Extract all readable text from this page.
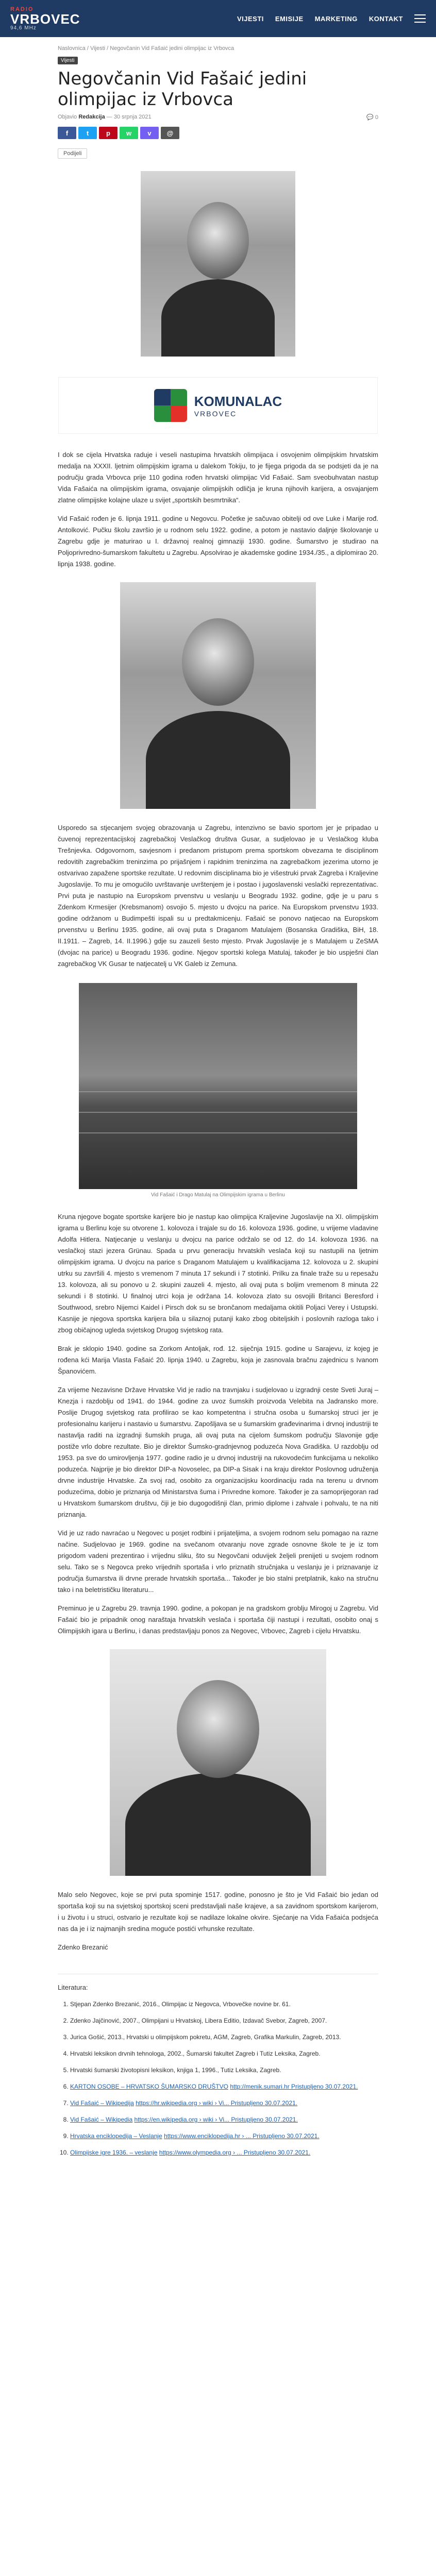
RADIO
VRBOVEC
94,6 MHz
VIJESTI EMISIJE MARKETING KONTAKT
Naslovnica / Vijesti / Negovčanin Vid Fašaić jedini olimpijac iz Vrbovca
Vijesti
Negovčanin Vid Fašaić jedini olimpijac iz Vrbovca
Objavio Redakcija — 30 srpnja 2021	💬 0
f	t	p	w	v	@
Podijeli
KOMUNALAC
VRBOVEC

I dok se cijela Hrvatska raduje i veseli nastupima hrvatskih olimpijaca i osvojenim olimpijskim hrvatskim medalja na XXXII. ljetnim olimpijskim igrama u dalekom Tokiju, to je fijega prigoda da se podsjeti da je na području grada Vrbovca prije 110 godina rođen hrvatski olimpijac Vid Fašaić. Sam sveobuhvatan nastup Vida Fašaića na olimpijskim igrama, osvajanje olimpijskih odličja je kruna njihovih karijera, a osvajanjem zlatne olimpijske kolajne ulaze u svijet „sportskih besmrtnika“.

Vid Fašaić rođen je 6. lipnja 1911. godine u Negovcu. Početke je sačuvao obitelji od ove Luke i Marije rođ. Antolković. Pučku školu završio je u rodnom selu 1922. godine, a potom je nastavio daljnje školovanje u Zagrebu gdje je maturirao u I. državnoj realnoj gimnaziji 1930. godine. Šumarstvo je studirao na Poljoprivredno-šumarskom fakultetu u Zagrebu. Apsolvirao je akademske godine 1934./35., a diplomirao 20. lipnja 1938. godine.

Usporedo sa stjecanjem svojeg obrazovanja u Zagrebu, intenzivno se bavio sportom jer je pripadao u čuvenoj reprezentacijskoj zagrebačkoj Veslačkog društva Gusar, a sudjelovao je u Veslačkog kluba Trešnjevka. Odgovornom, savjesnom i predanom pristupom prema sportskom obvezama te disciplinom redovitih zagrebačkim treninzima po prijašnjem i rapidnim treninzima na zagrebačkom jezerima utorno je ostvarivao zapažene sportske rezultate. U redovnim disciplinama bio je višestruki prvak Zagreba i Kraljevine Jugoslavije. To mu je omogućilo uvrštavanje uvrštenjem je i postao i jugoslavenski veslački reprezentativac. Prvi puta je nastupio na Europskom prvenstvu u veslanju u Beogradu 1932. godine, gdje je u paru s Zdenkom Krmesijer (Krebsmanom) osvojio 5. mjesto u dvojcu na parice. Na Europskom prvenstvu 1933. godine održanom u Budimpešti ispali su u predtakmicenju. Fašaić se ponovo natjecao na Europskom prvenstvu u Berlinu 1935. godine, ali ovaj puta s Draganom Matulajem (Bosanska Gradiška, BiH, 18. II.1911. – Zagreb, 14. II.1996.) gdje su zauzeli šesto mjesto. Prvak Jugoslavije je s Matulajem u ZeSMA (dvojac na parice) u Beogradu 1936. godine. Njegov sportski kolega Matulaj, također je bio uspješni član zagrebačkog VK Gusar te natjecatelj u VK Galeb iz Zemuna.

Vid Fašaić i Drago Matulaj na Olimpijskim igrama u Berlinu

Kruna njegove bogate sportske karijere bio je nastup kao olimpijca Kraljevine Jugoslavije na XI. olimpijskim igrama u Berlinu koje su otvorene 1. kolovoza i trajale su do 16. kolovoza 1936. godine, u vrijeme vladavine Adolfa Hitlera. Natjecanje u veslanju u dvojcu na parice održalo se od 12. do 14. kolovoza 1936. na veslačkoj stazi jezera Grünau. Spada u prvu generaciju hrvatskih veslača koji su nastupili na ljetnim olimpijskim igrama. U dvojcu na parice s Draganom Matulajem u kvalifikacijama 12. kolovoza u 2. skupini utrku su završili 4. mjesto s vremenom 7 minuta 17 sekundi i 7 stotinki. Prilku za finale traže su u repesažu 13. kolovoza, ali su ponovo u 2. skupini zauzeli 4. mjesto, ali ovaj puta s boljim vremenom 8 minuta 22 sekundi i 8 stotinki. U finalnoj utrci koja je održana 14. kolovoza zlato su osvojili Britanci Beresford i Southwood, srebro Nijemci Kaidel i Pirsch dok su se brončanom medaljama okitili Poljaci Verey i Ustupski. Kasnije je njegova sportska karijera bila u silaznoj putanji kako zbog obiteljskih i poslovnih razloga tako i zbog običajnog ugleda svjetskog Drugog svjetskog rata.

Brak je sklopio 1940. godine sa Zorkom Antoljak, rođ. 12. siječnja 1915. godine u Sarajevu, iz kojeg je rođena kći Marija Vlasta Fašaić 20. lipnja 1940. u Zagrebu, koja je zasnovala bračnu zajednicu s Ivanom Španovićem.

Za vrijeme Nezavisne Države Hrvatske Vid je radio na travnjaku i sudjelovao u izgradnji ceste Sveti Juraj – Knezja i razdoblju od 1941. do 1944. godine za uvoz šumskih proizvoda Velebita na Jadransko more. Poslije Drugog svjetskog rata profilirao se kao kompetentna i stručna osoba u šumarskoj struci jer je profesionalnu karijeru i nastavio u šumarstvu. Zapošljava se u šumarskim građevinarima i drvnoj industriji te nastavlja raditi na izgradnji šumskih pruga, ali ovaj puta na cijelom šumskom području Slavonije gdje postiže vrlo dobre rezultate. Bio je direktor Šumsko-gradnjevnog poduzeća Nova Gradiška. U razdoblju od 1953. pa sve do umirovljenja 1977. godine radio je u drvnoj industriji na rukovodećim funkcijama u nekoliko poduzeća. Najprije je bio direktor DIP-a Novoselec, pa DIP-a Sisak i na kraju direktor Poslovnog udruženja drvne industrije Hrvatske. Za svoj rad, osobito za organizacijsku koordinaciju rada na terenu u drvnom poduzećima, dobio je priznanja od Ministarstva šuma i Privredne komore. Također je za samoprijegoran rad u Hrvatskom šumarskom društvu, čiji je bio dugogodišnji član, primio diplome i zahvale i pohvalu, te na niti priznanja.

Vid je uz rado navraćao u Negovec u posjet rodbini i prijateljima, a svojem rodnom selu pomagao na razne načine. Sudjelovao je 1969. godine na svečanom otvaranju nove zgrade osnovne škole te je iz tom prigodom vadeni prezentirao i vrijednu sliku, što su Negovčani oduvijek željeli prenijeti u svojem rodnom selu. Tako se s Negovca preko vrijednih sportaša i vrlo priznatih stručnjaka u veslanju je i priznavanje iz područja šumarstva ili drvne prerade hrvatskih sportaša... Također je bio stalni pretplatnik, kako na stručnu tako i na beletrističku literaturu...

Preminuo je u Zagrebu 29. travnja 1990. godine, a pokopan je na gradskom groblju Mirogoj u Zagrebu. Vid Fašaić bio je pripadnik onog naraštaja hrvatskih veslača i sportaša čiji nastupi i rezultati, osobito onaj s Olimpijskih igara u Berlinu, i danas predstavljaju ponos za Negovec, Vrbovec, Zagreb i cijelu Hrvatsku.

Malo selo Negovec, koje se prvi puta spominje 1517. godine, ponosno je što je Vid Fašaić bio jedan od sportaša koji su na svjetskoj sportskoj sceni predstavljali naše krajeve, a sa zavidnom sportskom karijerom, i u životu i u struci, ostvario je rezultate koji se nadilaze lokalne okvire. Sjećanje na Vida Fašaića podsjeća nas da je i iz najmanjih sredina moguće postići vrhunske rezultate.

Zdenko Brezanić

Literatura:
1. Stjepan Zdenko Brezanić, 2016., Olimpijac iz Negovca, Vrbovečke novine br. 61.
2. Zdenko Jajčinović, 2007., Olimpijani u Hrvatskoj, Libera Editio, Izdavač Svebor, Zagreb, 2007.
3. Jurica Gošić, 2013., Hrvatski u olimpijskom pokretu, AGM, Zagreb, Grafika Markulin, Zagreb, 2013.
4. Hrvatski leksikon drvnih tehnologa, 2002., Šumarski fakultet Zagreb i Tutiz Leksika, Zagreb.
5. Hrvatski šumarski životopisni leksikon, knjiga 1, 1996., Tutiz Leksika, Zagreb.
6. KARTON OSOBE – HRVATSKO ŠUMARSKO DRUŠTVO http://menik.sumari.hr Pristupljeno 30.07.2021.
7. Vid Fašaić – Wikipedija https://hr.wikipedia.org › wiki › Vi... Pristupljeno 30.07.2021.
8. Vid Fašaić – Wikipedia https://en.wikipedia.org › wiki › Vi... Pristupljeno 30.07.2021.
9. Hrvatska enciklopedija – Veslanje https://www.enciklopedija.hr › ... Pristupljeno 30.07.2021.
10. Olimpijske igre 1936. – veslanje https://www.olympedia.org › ... Pristupljeno 30.07.2021.
